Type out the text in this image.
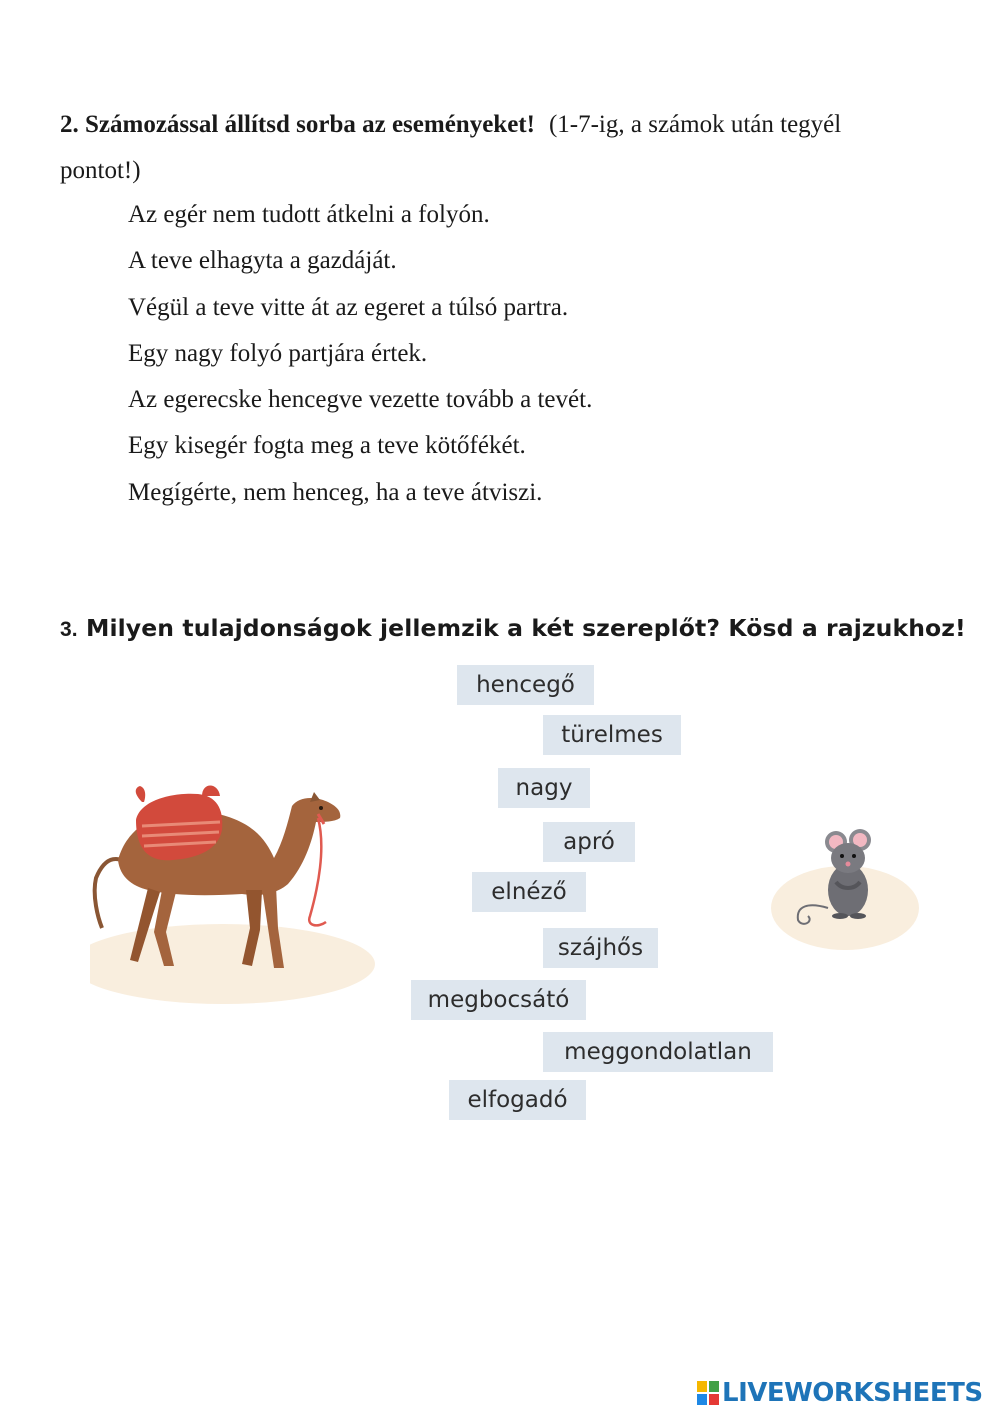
2. Számozással állítsd sorba az eseményeket! (1-7-ig, a számok után tegyél
pontot!)
Az egér nem tudott átkelni a folyón.
A teve elhagyta a gazdáját.
Végül a teve vitte át az egeret a túlsó partra.
Egy nagy folyó partjára értek.
Az egerecske hencegve vezette tovább a tevét.
Egy kisegér fogta meg a teve kötőfékét.
Megígérte, nem henceg, ha a teve átviszi.
3. Milyen tulajdonságok jellemzik a két szereplőt? Kösd a rajzukhoz!
hencegő
türelmes
nagy
apró
elnéző
szájhős
megbocsátó
meggondolatlan
elfogadó
LIVEWORKSHEETS
